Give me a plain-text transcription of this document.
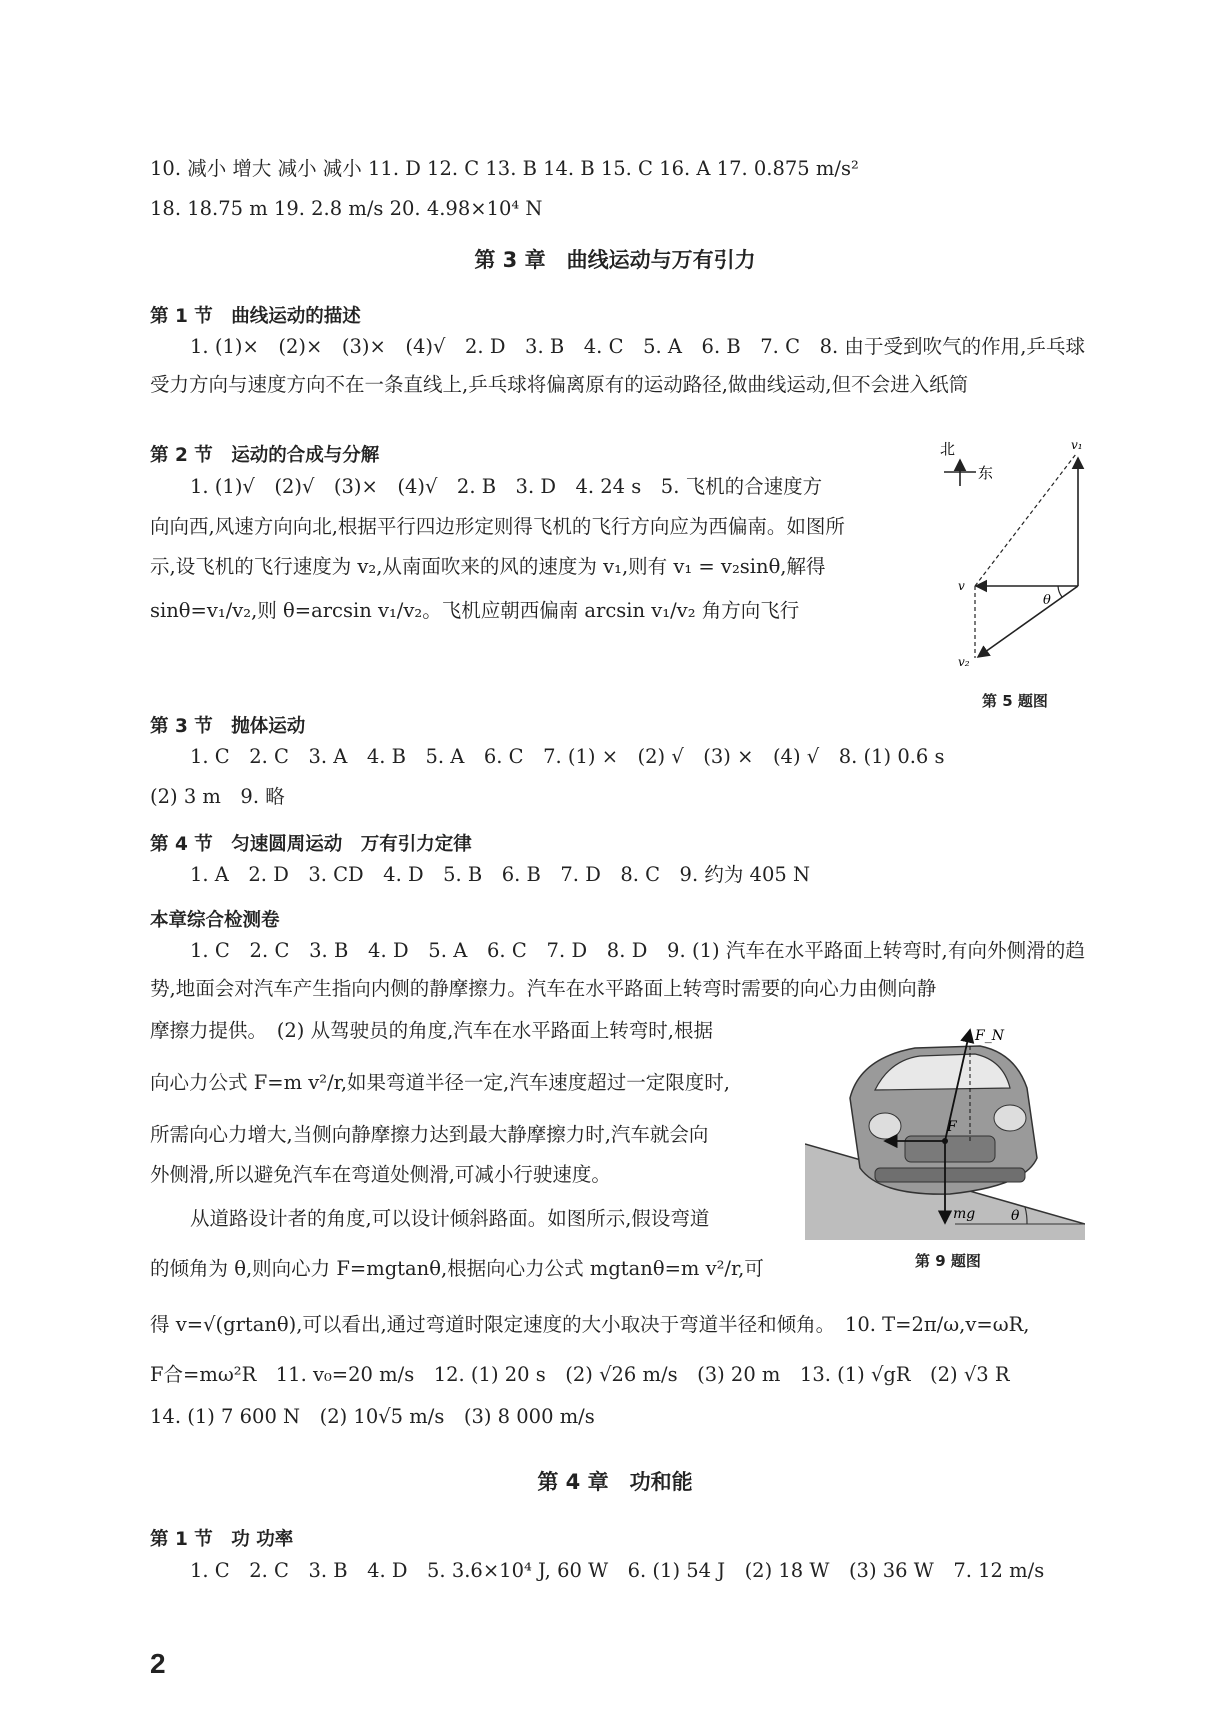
10. 减小 增大 减小 减小 11. D 12. C 13. B 14. B 15. C 16. A 17. 0.875 m/s²
18. 18.75 m 19. 2.8 m/s 20. 4.98×10⁴ N
第 3 章　曲线运动与万有引力
第 1 节　曲线运动的描述
1. (1)×　(2)×　(3)×　(4)√　2. D　3. B　4. C　5. A　6. B　7. C　8. 由于受到吹气的作用,乒乓球受力方向与速度方向不在一条直线上,乒乓球将偏离原有的运动路径,做曲线运动,但不会进入纸筒
第 2 节　运动的合成与分解
1. (1)√　(2)√　(3)×　(4)√　2. B　3. D　4. 24 s　5. 飞机的合速度方
向向西,风速方向向北,根据平行四边形定则得飞机的飞行方向应为西偏南。如图所
示,设飞机的飞行速度为 v₂,从南面吹来的风的速度为 v₁,则有 v₁ = v₂sinθ,解得
sinθ=v₁/v₂,则 θ=arcsin v₁/v₂。飞机应朝西偏南 arcsin v₁/v₂ 角方向飞行
北
东
v₁
v
v₂
θ
第 5 题图
第 3 节　抛体运动
1. C　2. C　3. A　4. B　5. A　6. C　7. (1) ×　(2) √　(3) ×　(4) √　8. (1) 0.6 s
(2) 3 m　9. 略
第 4 节　匀速圆周运动　万有引力定律
1. A　2. D　3. CD　4. D　5. B　6. B　7. D　8. C　9. 约为 405 N
本章综合检测卷
1. C　2. C　3. B　4. D　5. A　6. C　7. D　8. D　9. (1) 汽车在水平路面上转弯时,有向外侧滑的趋势,地面会对汽车产生指向内侧的静摩擦力。汽车在水平路面上转弯时需要的向心力由侧向静
摩擦力提供。　(2) 从驾驶员的角度,汽车在水平路面上转弯时,根据
向心力公式 F=m v²/r,如果弯道半径一定,汽车速度超过一定限度时,
所需向心力增大,当侧向静摩擦力达到最大静摩擦力时,汽车就会向
外侧滑,所以避免汽车在弯道处侧滑,可减小行驶速度。
从道路设计者的角度,可以设计倾斜路面。如图所示,假设弯道
的倾角为 θ,则向心力 F=mgtanθ,根据向心力公式 mgtanθ=m v²/r,可
得 v=√(grtanθ),可以看出,通过弯道时限定速度的大小取决于弯道半径和倾角。　10. T=2π/ω,v=ωR,
F合=mω²R　11. v₀=20 m/s　12. (1) 20 s　(2) √26 m/s　(3) 20 m　13. (1) √gR　(2) √3 R
14. (1) 7 600 N　(2) 10√5 m/s　(3) 8 000 m/s
F_N
F
mg	θ
第 9 题图
第 4 章　功和能
第 1 节　功 功率
1. C　2. C　3. B　4. D　5. 3.6×10⁴ J, 60 W　6. (1) 54 J　(2) 18 W　(3) 36 W　7. 12 m/s
2
